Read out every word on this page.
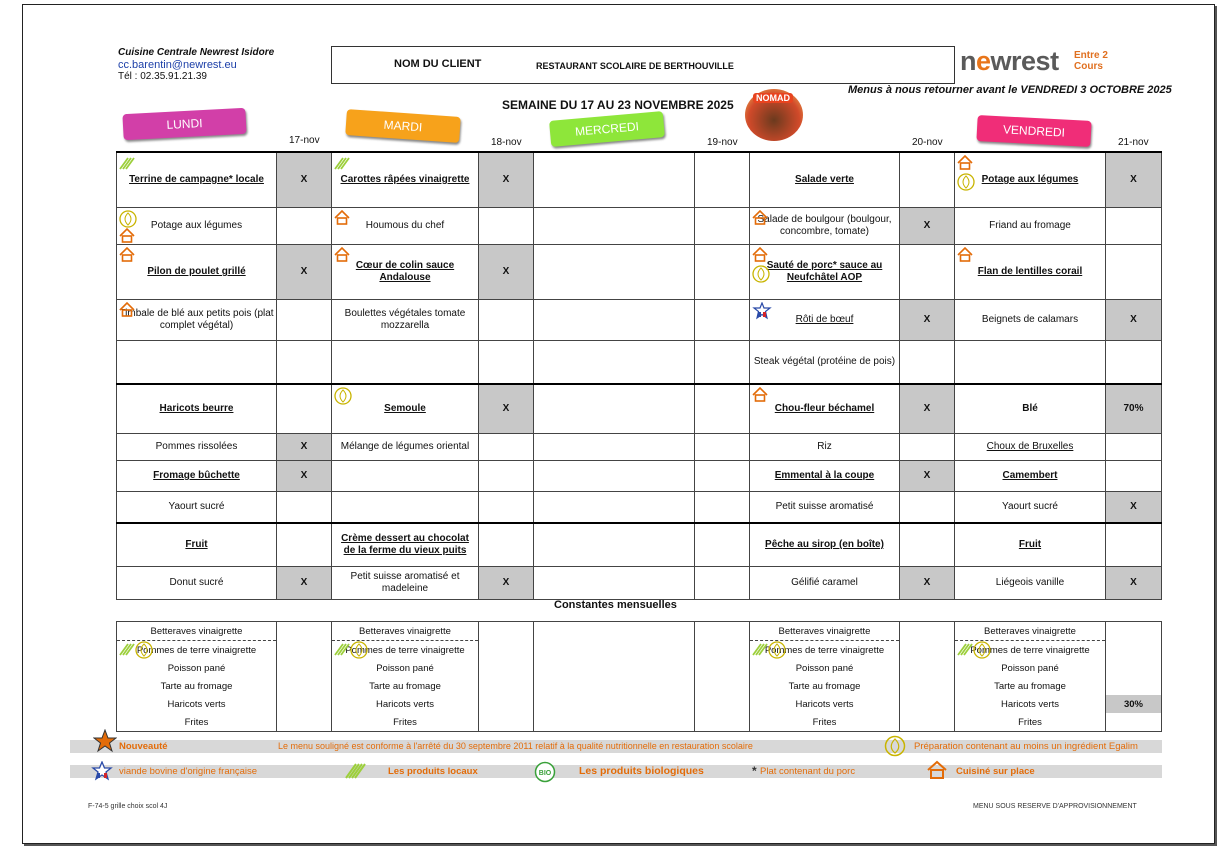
Cuisine Centrale Newrest Isidore
cc.barentin@newrest.eu
Tél : 02.35.91.21.39
NOM DU CLIENT	RESTAURANT SCOLAIRE DE BERTHOUVILLE	newrest Entre 2
Cours
Menus à nous retourner avant le VENDREDI 3 OCTOBRE 2025
SEMAINE DU 17 AU 23 NOVEMBRE 2025	NOMAD
LUNDI	MARDI	MERCREDI	VENDREDI
17-nov	18-nov	19-nov	20-nov	21-nov
Terrine de campagne* locale	X	Carottes râpées vinaigrette	X			Salade verte		Potage aux légumes	X

Potage aux légumes		Houmous du chef				Salade de boulgour (boulgour, concombre, tomate)	X	Friand au fromage	

Pilon de poulet grillé	X	Cœur de colin sauce Andalouse	X			Sauté de porc* sauce au Neufchâtel AOP		Flan de lentilles corail	

Timbale de blé aux petits pois (plat complet végétal)		Boulettes végétales tomate mozzarella				Rôti de bœuf	X	Beignets de calamars	X
						Steak végétal (protéine de pois)			
Haricots beurre		Semoule	X			Chou-fleur béchamel	X	Blé	70%
Pommes rissolées	X	Mélange de légumes oriental				Riz		Choux de Bruxelles	
Fromage bûchette	X					Emmental à la coupe	X	Camembert	
Yaourt sucré						Petit suisse aromatisé		Yaourt sucré	X
Fruit		Crème dessert au chocolat de la ferme du vieux puits				Pêche au sirop (en boîte)		Fruit	
Donut sucré	X	Petit suisse aromatisé et madeleine	X			Gélifié caramel	X	Liégeois vanille	X
Constantes mensuelles
Betteraves vinaigrette		Betteraves vinaigrette				Betteraves vinaigrette		Betteraves vinaigrette	

Pommes de terre vinaigrette		Pommes de terre vinaigrette				Pommes de terre vinaigrette		Pommes de terre vinaigrette	
Poisson pané		Poisson pané				Poisson pané		Poisson pané	
Tarte au fromage		Tarte au fromage				Tarte au fromage		Tarte au fromage	
Haricots verts		Haricots verts				Haricots verts		Haricots verts	30%
Frites		Frites				Frites		Frites	
Nouveauté	Le menu souligné est conforme à l'arrêté du 30 septembre 2011 relatif à la qualité nutritionnelle en restauration scolaire	Préparation contenant au moins un ingrédient Egalim
viande bovine d'origine française	Les produits locaux	Les produits biologiques	* Plat contenant du porc	Cuisiné sur place
BIO
F-74-5 grille choix scol 4J	MENU SOUS RESERVE D'APPROVISIONNEMENT
